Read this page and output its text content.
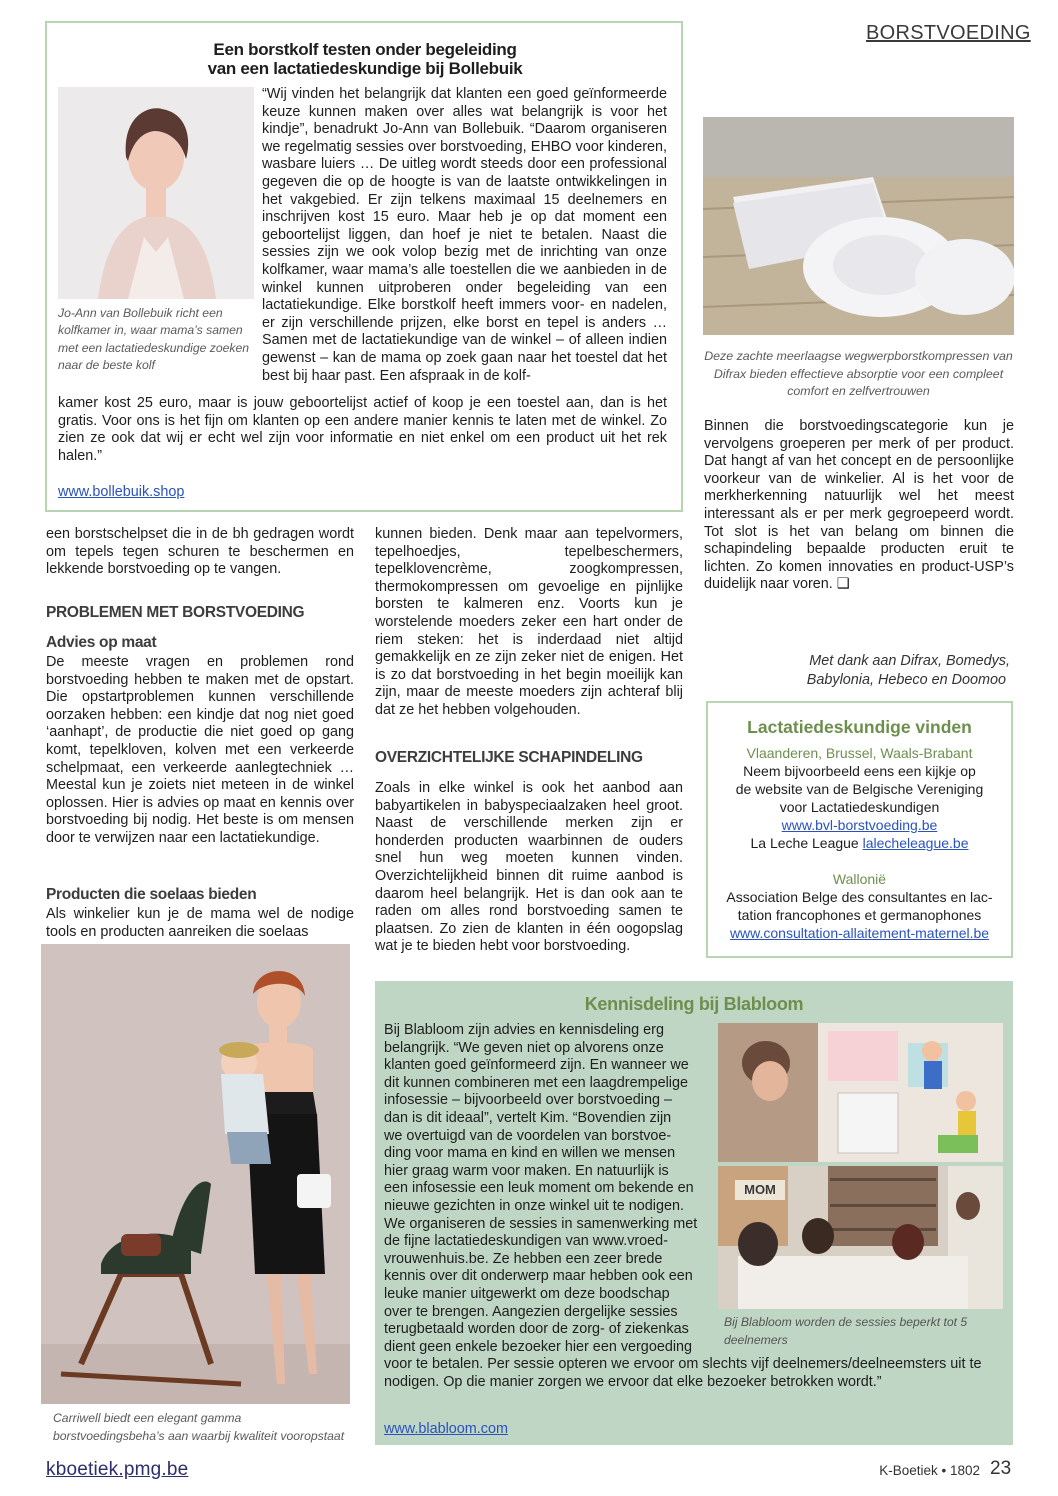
BORSTVOEDING
Een borstkolf testen onder begeleiding
van een lactatiedeskundige bij Bollebuik
Jo-Ann van Bollebuik richt een kolfkamer in, waar mama’s samen met een lactatiedeskundige zoeken naar de beste kolf
“Wij vinden het belangrijk dat klanten een goed geïnformeerde keuze kunnen maken over alles wat belangrijk is voor het kindje”, benadrukt Jo-Ann van Bollebuik. “Daarom organiseren we regelmatig sessies over borstvoeding, EHBO voor kinderen, wasbare luiers … De uitleg wordt steeds door een professional gegeven die op de hoogte is van de laatste ontwikkelingen in het vakgebied. Er zijn telkens maximaal 15 deelnemers en inschrijven kost 15 euro. Maar heb je op dat moment een geboortelijst liggen, dan hoef je niet te betalen. Naast die sessies zijn we ook volop bezig met de inrichting van onze kolfkamer, waar mama’s alle toestellen die we aanbieden in de winkel kunnen uitproberen onder begeleiding van een lactatiekundige. Elke borstkolf heeft immers voor- en nadelen, er zijn verschillende prijzen, elke borst en tepel is anders … Samen met de lactatiekundige van de winkel – of alleen indien gewenst – kan de mama op zoek gaan naar het toestel dat het best bij haar past. Een afspraak in de kolf-
kamer kost 25 euro, maar is jouw geboortelijst actief of koop je een toestel aan, dan is het gratis. Voor ons is het fijn om klanten op een andere manier kennis te laten met de winkel. Zo zien ze ook dat wij er echt wel zijn voor informatie en niet enkel om een product uit het rek halen.”
www.bollebuik.shop
Deze zachte meerlaagse wegwerpborstkompressen van Difrax bieden effectieve absorptie voor een compleet comfort en zelfvertrouwen
Binnen die borstvoedingscategorie kun je vervolgens groeperen per merk of per product. Dat hangt af van het concept en de persoonlijke voorkeur van de winkelier. Al is het voor de merkherkenning natuurlijk wel het meest interessant als er per merk gegroepeerd wordt. Tot slot is het van belang om binnen die schapindeling bepaalde producten eruit te lichten. Zo komen innovaties en product-USP’s duidelijk naar voren. ❑
Met dank aan Difrax, Bomedys,
Babylonia, Hebeco en Doomoo
een borstschelpset die in de bh gedragen wordt om tepels tegen schuren te beschermen en lekkende borstvoeding op te vangen.
PROBLEMEN MET BORSTVOEDING
Advies op maat
De meeste vragen en problemen rond borstvoeding hebben te maken met de opstart. Die opstartproblemen kunnen verschillende oorzaken hebben: een kindje dat nog niet goed ‘aanhapt’, de productie die niet goed op gang komt, tepelkloven, kolven met een verkeerde schelpmaat, een verkeerde aanlegtechniek … Meestal kun je zoiets niet meteen in de winkel oplossen. Hier is advies op maat en kennis over borstvoeding bij nodig. Het beste is om mensen door te verwijzen naar een lactatiekundige.
Producten die soelaas bieden
Als winkelier kun je de mama wel de nodige tools en producten aanreiken die soelaas
kunnen bieden. Denk maar aan tepelvormers, tepelhoedjes, tepelbeschermers, tepelklovencrème, zoogkompressen, thermokompressen om gevoelige en pijnlijke borsten te kalmeren enz. Voorts kun je worstelende moeders zeker een hart onder de riem steken: het is inderdaad niet altijd gemakkelijk en ze zijn zeker niet de enigen. Het is zo dat borstvoeding in het begin moeilijk kan zijn, maar de meeste moeders zijn achteraf blij dat ze het hebben volgehouden.
OVERZICHTELIJKE SCHAPINDELING
Zoals in elke winkel is ook het aanbod aan babyartikelen in babyspeciaalzaken heel groot. Naast de verschillende merken zijn er honderden producten waarbinnen de ouders snel hun weg moeten kunnen vinden. Overzichtelijkheid binnen dit ruime aanbod is daarom heel belangrijk. Het is dan ook aan te raden om alles rond borstvoeding samen te plaatsen. Zo zien de klanten in één oogopslag wat je te bieden hebt voor borstvoeding.
Lactatiedeskundige vinden
Vlaanderen, Brussel, Waals-Brabant
Neem bijvoorbeeld eens een kijkje op
de website van de Belgische Vereniging
voor Lactatiedeskundigen
www.bvl-borstvoeding.be
La Leche League lalecheleague.be
Wallonië
Association Belge des consultantes en lac-
tation francophones et germanophones
www.consultation-allaitement-maternel.be
Carriwell biedt een elegant gamma borstvoedingsbeha’s aan waarbij kwaliteit vooropstaat
Kennisdeling bij Blabloom
Bij Blabloom zijn advies en kennisdeling erg
belangrijk. “We geven niet op alvorens onze
klanten goed geïnformeerd zijn. En wanneer we
dit kunnen combineren met een laagdrempelige
infosessie – bijvoorbeeld over borstvoeding –
dan is dit ideaal”, vertelt Kim. “Bovendien zijn
we overtuigd van de voordelen van borstvoe-
ding voor mama en kind en willen we mensen
hier graag warm voor maken. En natuurlijk is
een infosessie een leuk moment om bekende en
nieuwe gezichten in onze winkel uit te nodigen.
We organiseren de sessies in samenwerking met
de fijne lactatiedeskundigen van www.vroed-
vrouwenhuis.be. Ze hebben een zeer brede
kennis over dit onderwerp maar hebben ook een
leuke manier uitgewerkt om deze boodschap
over te brengen. Aangezien dergelijke sessies
terugbetaald worden door de zorg- of ziekenkas
dient geen enkele bezoeker hier een vergoeding
voor te betalen. Per sessie opteren we ervoor om slechts vijf deelnemers/deelneemsters uit te nodigen. Op die manier zorgen we ervoor dat elke bezoeker betrokken wordt.”
MOM
Bij Blabloom worden de sessies beperkt tot 5 deelnemers
www.blabloom.com
kboetiek.pmg.be	K-Boetiek • 1802 23
